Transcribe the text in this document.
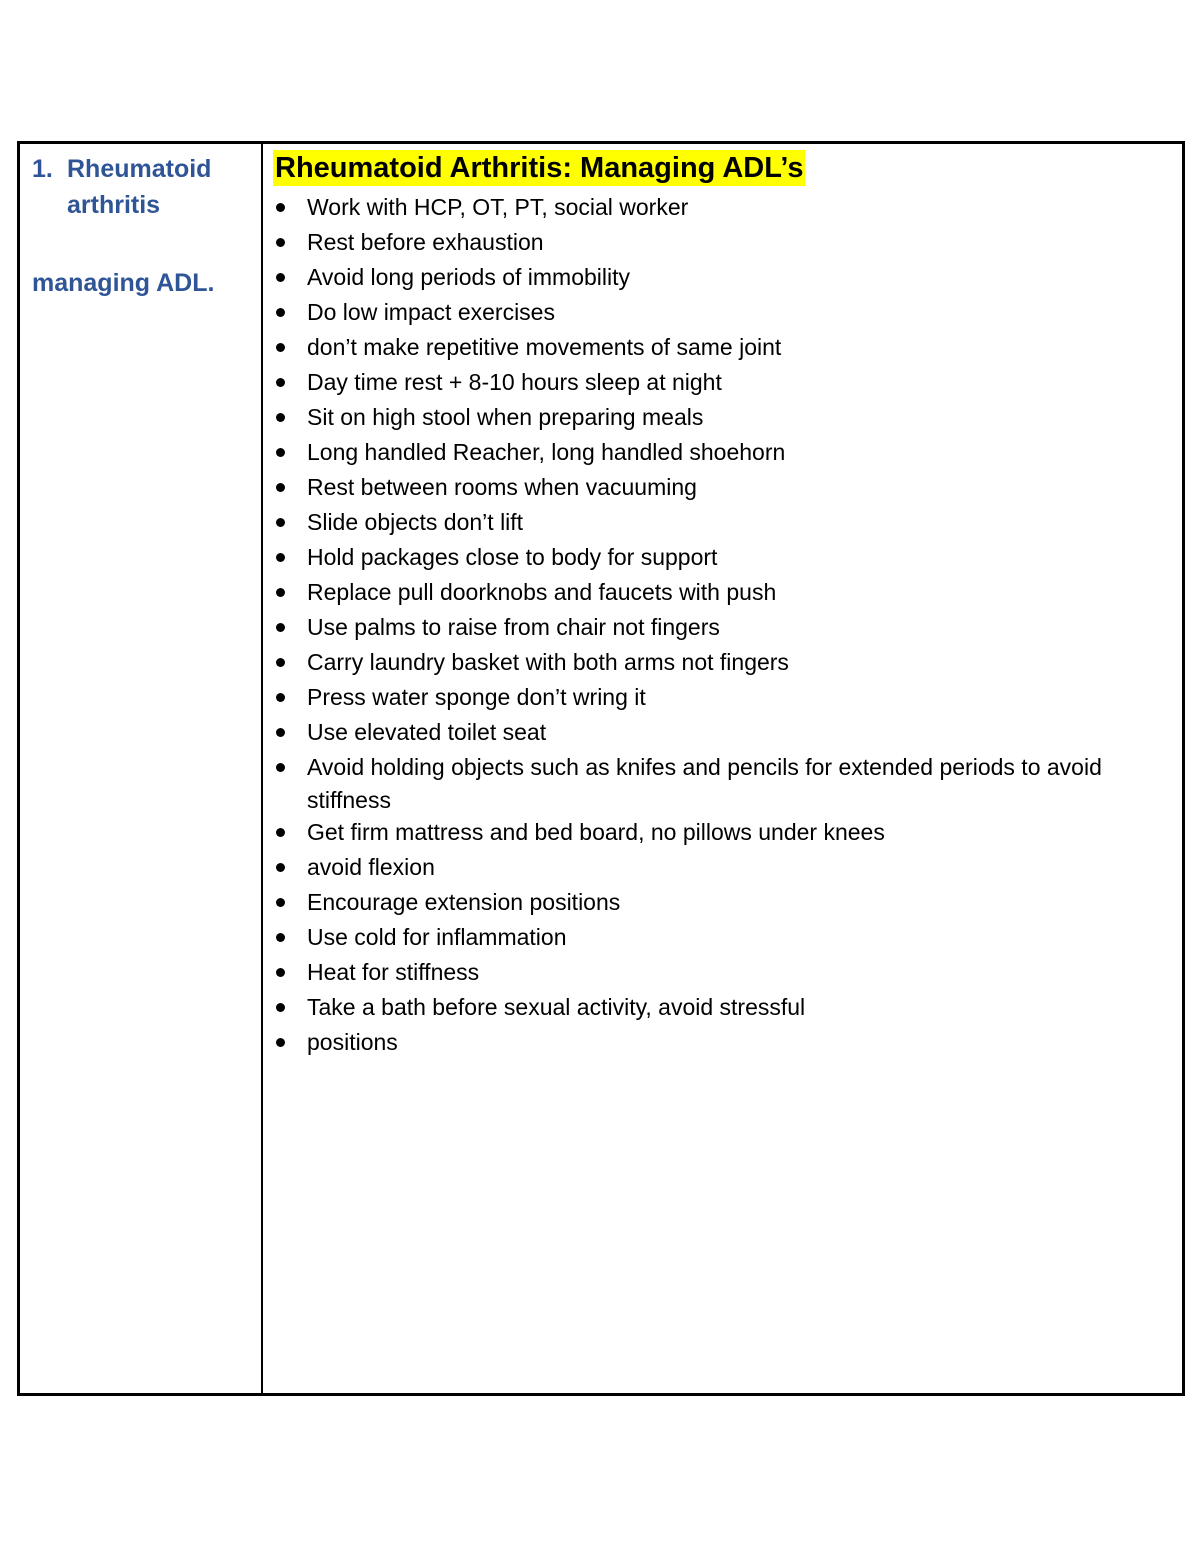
1. Rheumatoid
arthritis
managing ADL.
Rheumatoid Arthritis: Managing ADL’s
Work with HCP, OT, PT, social worker
Rest before exhaustion
Avoid long periods of immobility
Do low impact exercises
don’t make repetitive movements of same joint
Day time rest + 8-10 hours sleep at night
Sit on high stool when preparing meals
Long handled Reacher, long handled shoehorn
Rest between rooms when vacuuming
Slide objects don’t lift
Hold packages close to body for support
Replace pull doorknobs and faucets with push
Use palms to raise from chair not fingers
Carry laundry basket with both arms not fingers
Press water sponge don’t wring it
Use elevated toilet seat
Avoid holding objects such as knifes and pencils for extended periods to avoid stiffness
Get firm mattress and bed board, no pillows under knees
avoid flexion
Encourage extension positions
Use cold for inflammation
Heat for stiffness
Take a bath before sexual activity, avoid stressful
positions
